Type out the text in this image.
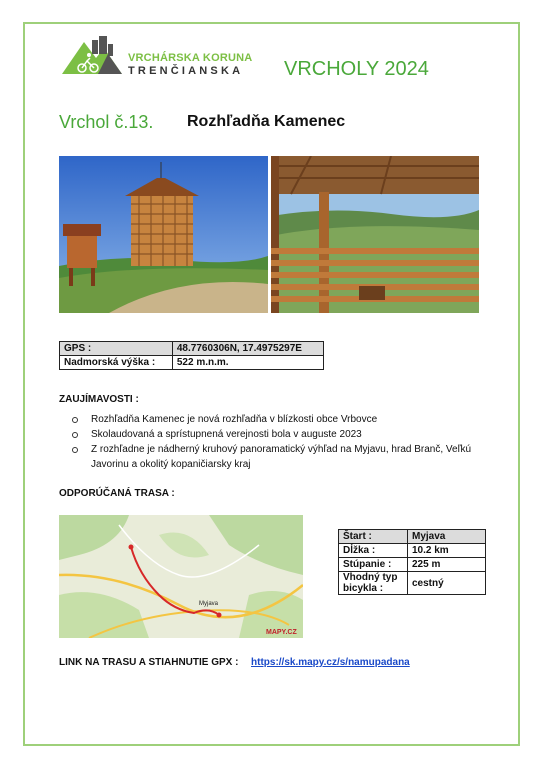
VRCHÁRSKA KORUNA
TRENČIANSKA VRCHOLY 2024
Vrchol č.13. Rozhľadňa Kamenec
GPS :	48.7760306N, 17.4975297E
Nadmorská výška :	522 m.n.m.
ZAUJÍMAVOSTI :
Rozhľadňa Kamenec je nová rozhľadňa v blízkosti obce Vrbovce
Skolaudovaná a sprístupnená verejnosti bola v auguste 2023
Z rozhľadne je nádherný kruhový panoramatický výhľad na Myjavu, hrad Branč, Veľkú Javorinu a okolitý kopaničiarsky kraj
ODPORÚČANÁ TRASA :
Myjava
MAPY.CZ
Štart :	Myjava
Dĺžka :	10.2 km
Stúpanie :	225 m
Vhodný typ bicykla :	cestný
LINK NA TRASU A STIAHNUTIE GPX : https://sk.mapy.cz/s/namupadana
